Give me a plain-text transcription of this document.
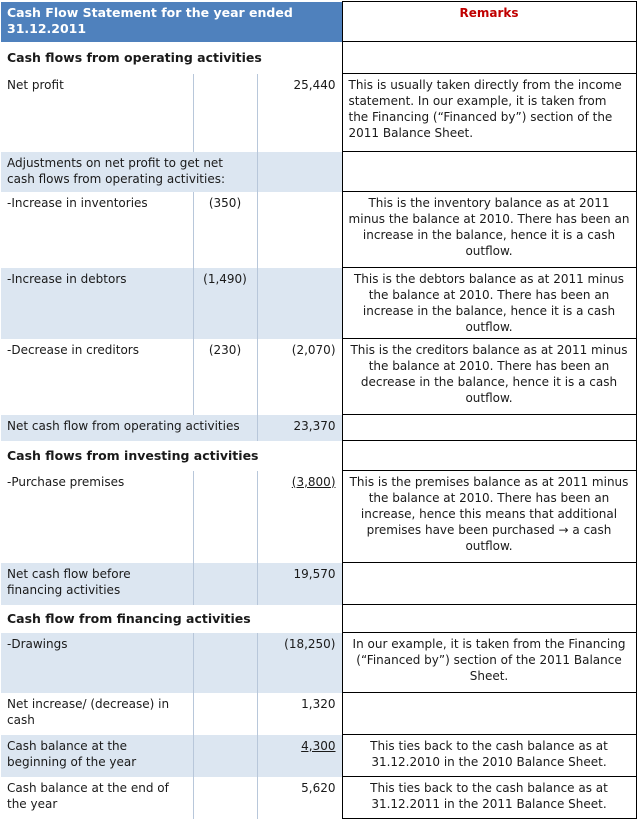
Cash Flow Statement for the year ended 31.12.2011			Remarks
Cash flows from operating activities			
Net profit		25,440	This is usually taken directly from the income statement. In our example, it is taken from the Financing (“Financed by”) section of the 2011 Balance Sheet.
Adjustments on net profit to get net cash flows from operating activities:			
-Increase in inventories	(350)		This is the inventory balance as at 2011 minus the balance at 2010. There has been an increase in the balance, hence it is a cash outflow.
-Increase in debtors	(1,490)		This is the debtors balance as at 2011 minus the balance at 2010. There has been an increase in the balance, hence it is a cash outflow.
-Decrease in creditors	(230)	(2,070)	This is the creditors balance as at 2011 minus the balance at 2010. There has been an decrease in the balance, hence it is a cash outflow.
Net cash flow from operating activities		23,370	
Cash flows from investing activities			
-Purchase premises		(3,800)	This is the premises balance as at 2011 minus the balance at 2010. There has been an increase, hence this means that additional premises have been purchased → a cash outflow.
Net cash flow before financing activities		19,570	
Cash flow from financing activities			
-Drawings		(18,250)	In our example, it is taken from the Financing (“Financed by”) section of the 2011 Balance Sheet.
Net increase/ (decrease) in cash		1,320	
Cash balance at the beginning of the year		4,300	This ties back to the cash balance as at 31.12.2010 in the 2010 Balance Sheet.
Cash balance at the end of the year		5,620	This ties back to the cash balance as at 31.12.2011 in the 2011 Balance Sheet.
